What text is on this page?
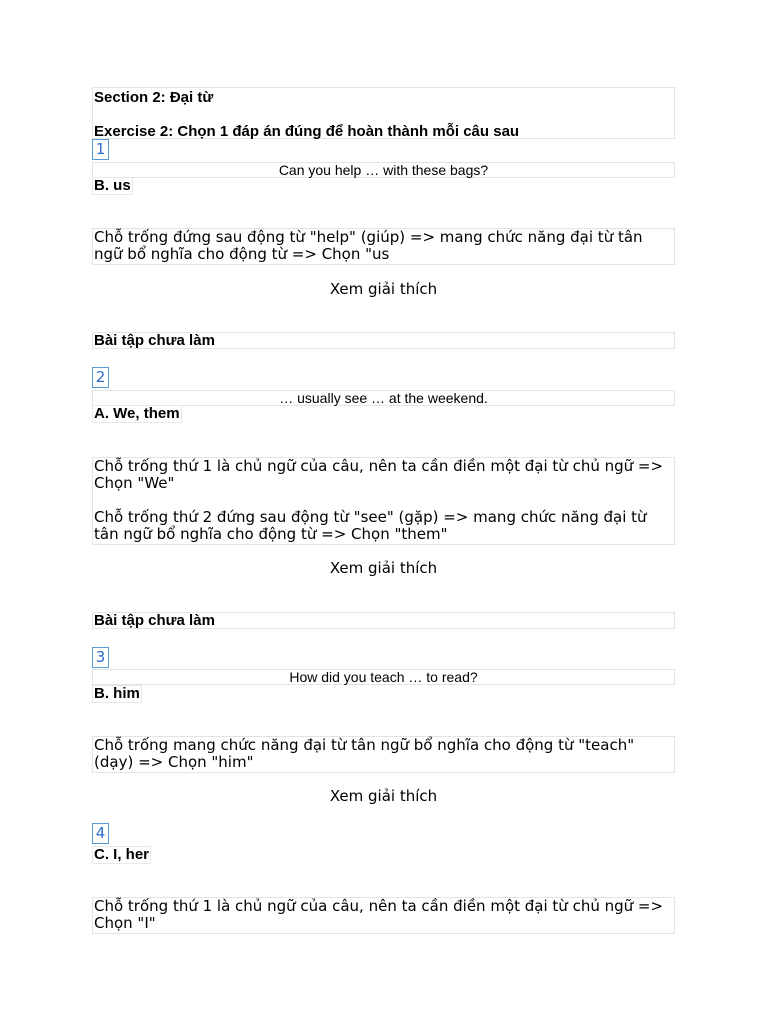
Section 2: Đại từ
Exercise 2: Chọn 1 đáp án đúng để hoàn thành mỗi câu sau
1
Can you help … with these bags?
B. us

Chỗ trống đứng sau động từ "help" (giúp) => mang chức năng đại từ tân ngữ bổ nghĩa cho động từ => Chọn "us

Xem giải thích
Bài tập chưa làm
2
… usually see … at the weekend.
A. We, them

Chỗ trống thứ 1 là chủ ngữ của câu, nên ta cần điền một đại từ chủ ngữ => Chọn "We"

Chỗ trống thứ 2 đứng sau động từ "see" (gặp) => mang chức năng đại từ tân ngữ bổ nghĩa cho động từ => Chọn "them"

Xem giải thích
Bài tập chưa làm
3
How did you teach … to read?
B. him

Chỗ trống mang chức năng đại từ tân ngữ bổ nghĩa cho động từ "teach" (dạy) => Chọn "him"

Xem giải thích
4
C. I, her

Chỗ trống thứ 1 là chủ ngữ của câu, nên ta cần điền một đại từ chủ ngữ => Chọn "I"
